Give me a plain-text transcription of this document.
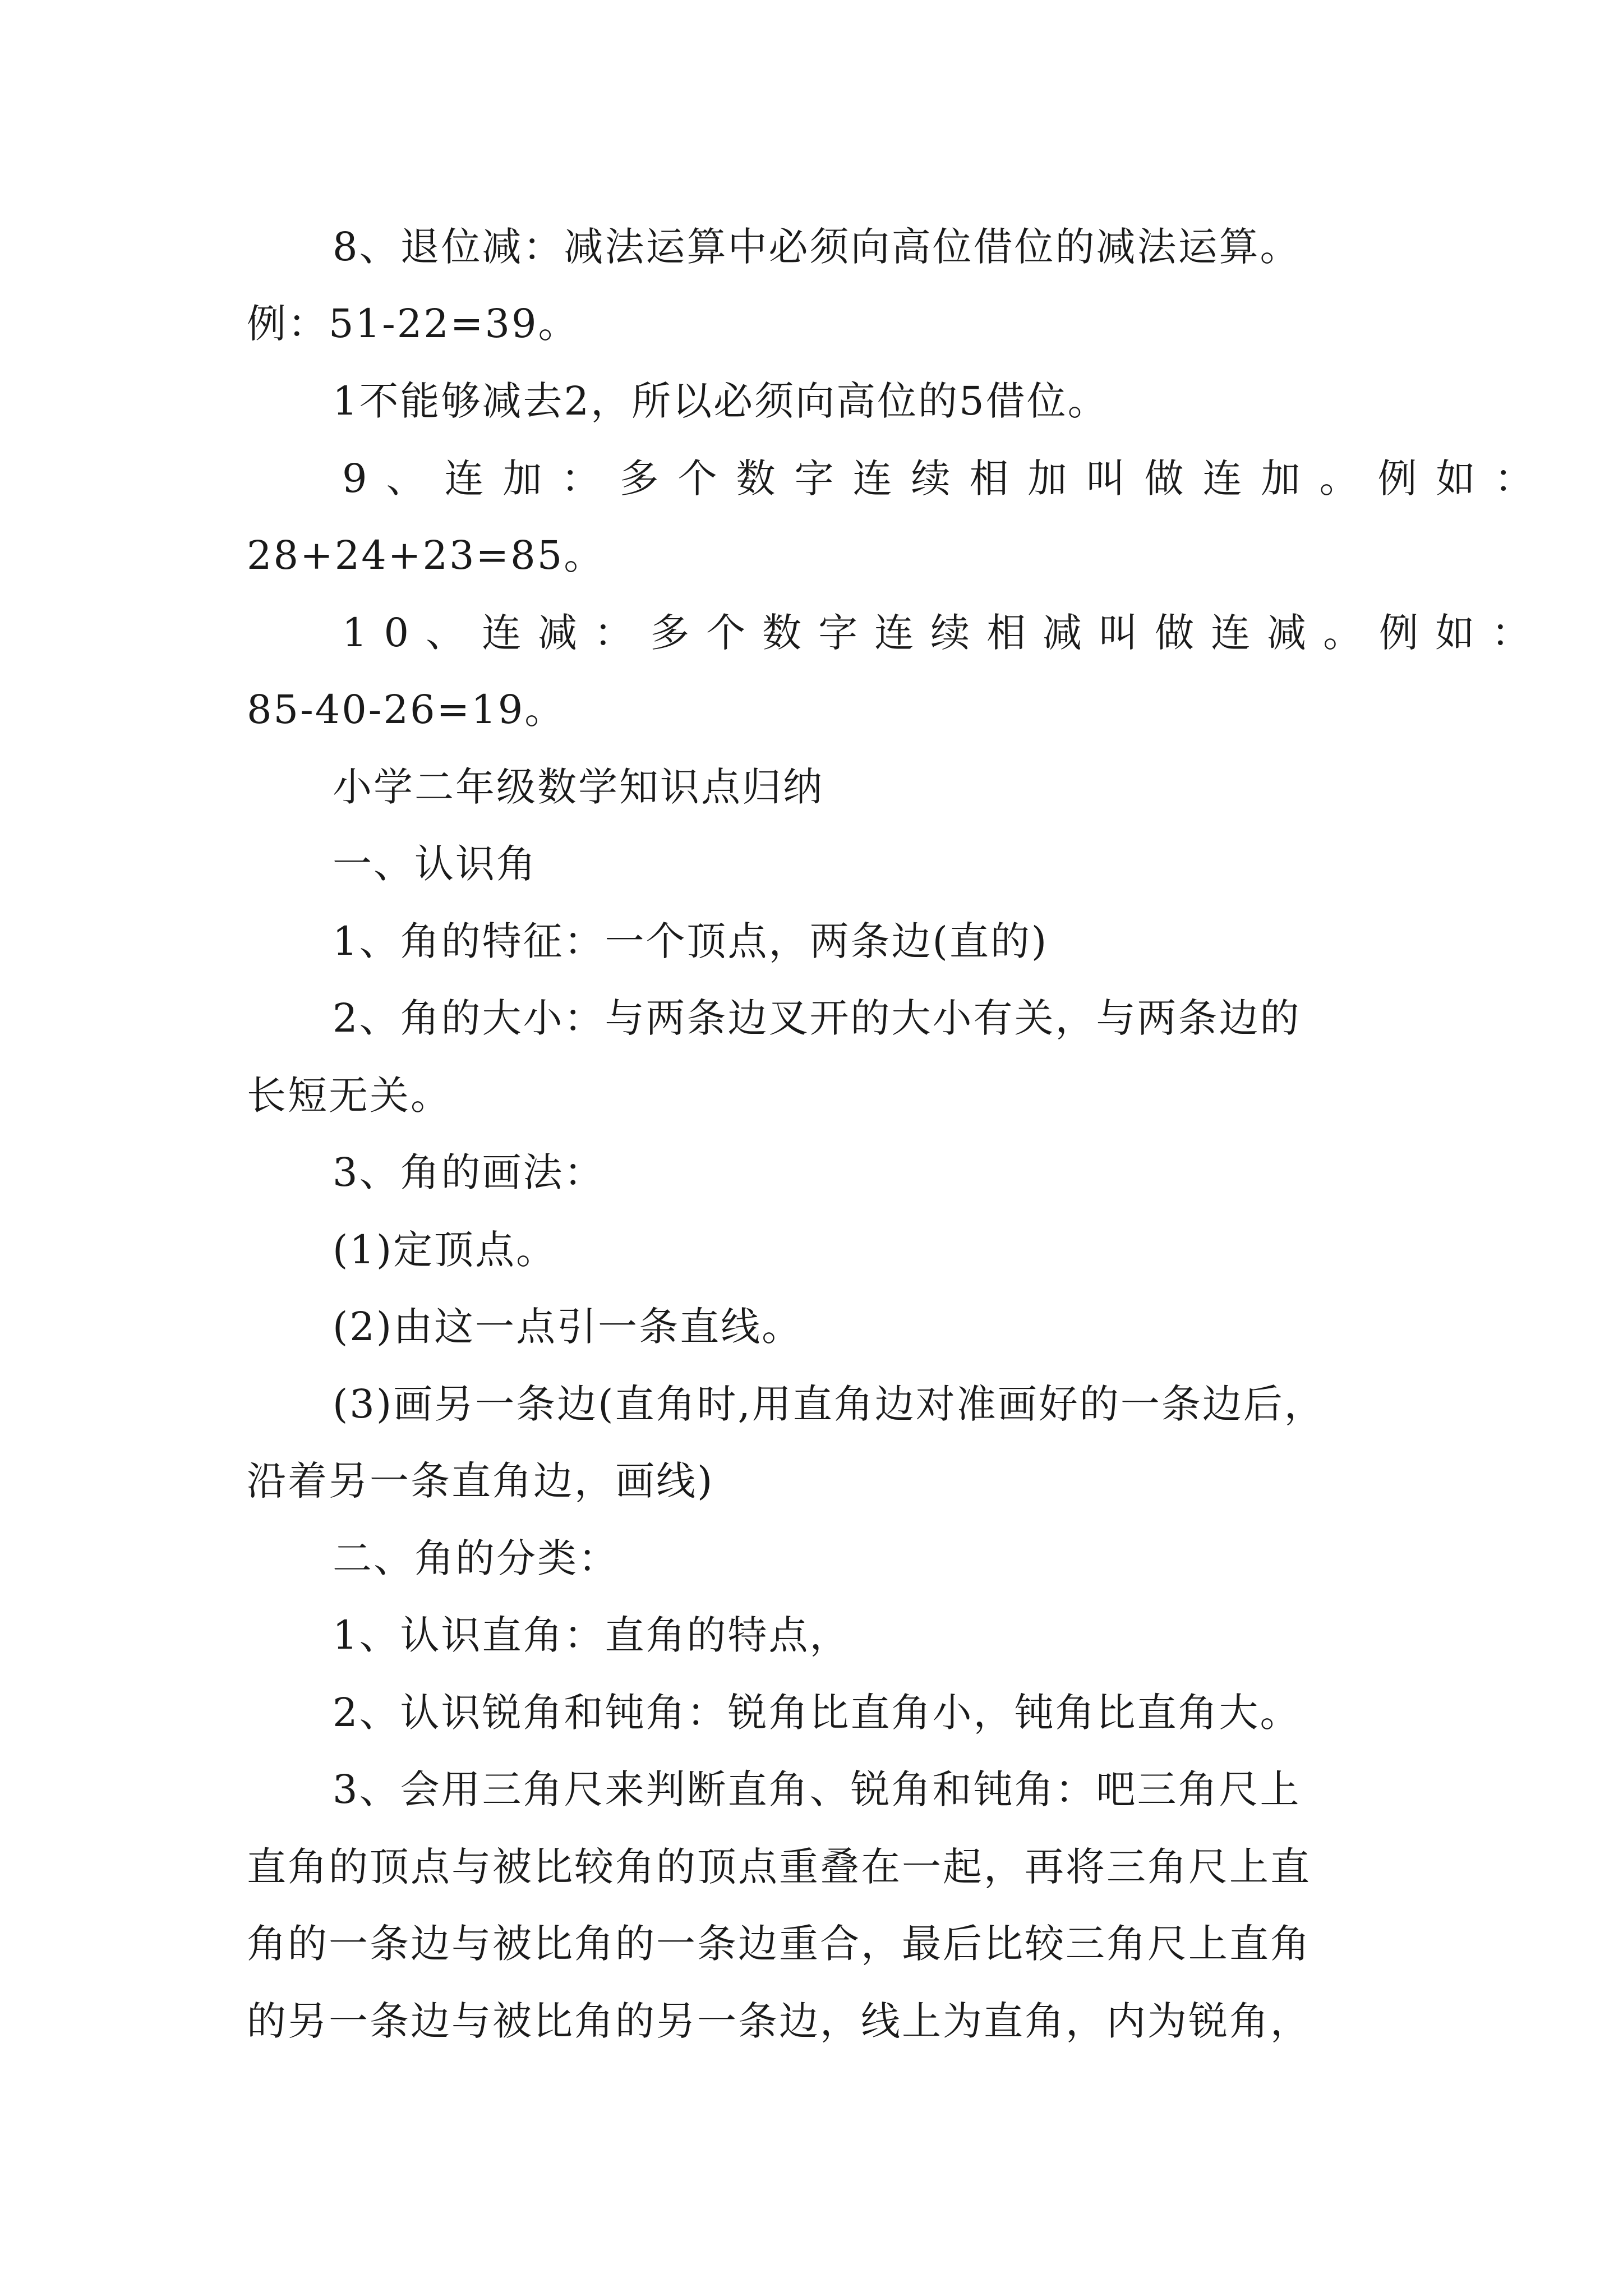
8、退位减：减法运算中必须向高位借位的减法运算。
例：51-22=39。
1不能够减去2，所以必须向高位的5借位。
9、连加：多个数字连续相加叫做连加。例如：
28+24+23=85。
10、连减：多个数字连续相减叫做连减。例如：
85-40-26=19。
小学二年级数学知识点归纳
一、认识角
1、角的特征：一个顶点，两条边(直的)
2、角的大小：与两条边叉开的大小有关，与两条边的
长短无关。
3、角的画法：
(1)定顶点。
(2)由这一点引一条直线。
(3)画另一条边(直角时,用直角边对准画好的一条边后，
沿着另一条直角边，画线)
二、角的分类：
1、认识直角：直角的特点，
2、认识锐角和钝角：锐角比直角小，钝角比直角大。
3、会用三角尺来判断直角、锐角和钝角：吧三角尺上
直角的顶点与被比较角的顶点重叠在一起，再将三角尺上直
角的一条边与被比角的一条边重合，最后比较三角尺上直角
的另一条边与被比角的另一条边，线上为直角，内为锐角，
